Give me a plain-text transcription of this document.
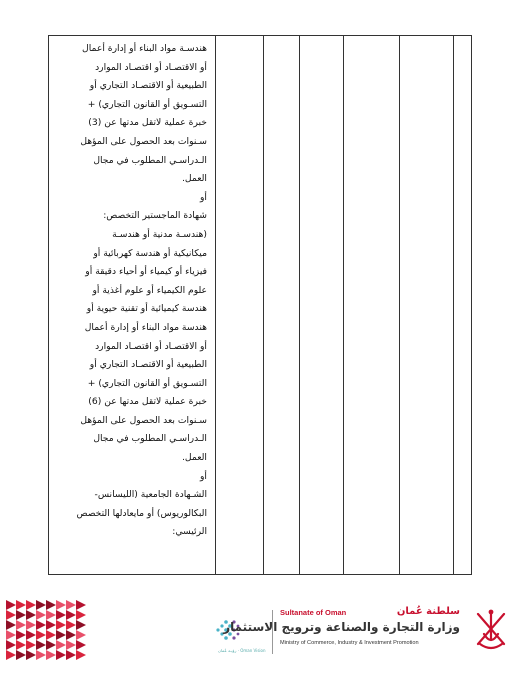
هندسـة مواد البناء أو إدارة أعمال
أو الاقتصـاد أو اقتصـاد الموارد
الطبيعية أو الاقتصـاد التجاري أو
التسـويق أو القانون التجاري) +
خبرة عملية لاتقل مدتها عن (3)
سـنوات بعد الحصول على المؤهل
الـدراسـي المطلوب في مجال
العمل.
أو
شهادة الماجستير التخصص:
(هندسـة مدنية أو هندسـة
ميكانيكية أو هندسة كهربائية أو
فيزياء أو كيمياء أو أحياء دقيقة أو
علوم الكيمياء أو علوم أغذية أو
هندسة كيميائية أو تقنية حيوية أو
هندسة مواد البناء أو إدارة أعمال
أو الاقتصـاد أو اقتصـاد الموارد
الطبيعية أو الاقتصـاد التجاري أو
التسـويق أو القانون التجاري) +
خبرة عملية لاتقل مدتها عن (6)
سـنوات بعد الحصول على المؤهل
الـدراسـي المطلوب في مجال
العمل.
أو
الشـهادة الجامعية (الليسانس-
البكالوريوس) أو مايعادلها التخصص
الرئيسي:
رؤيـة عُمان · Oman Vision
Sultanate of Oman	سلطنة عُمان
وزارة التجارة والصناعة وترويج الاستثمار
Ministry of Commerce, Industry & Investment Promotion
